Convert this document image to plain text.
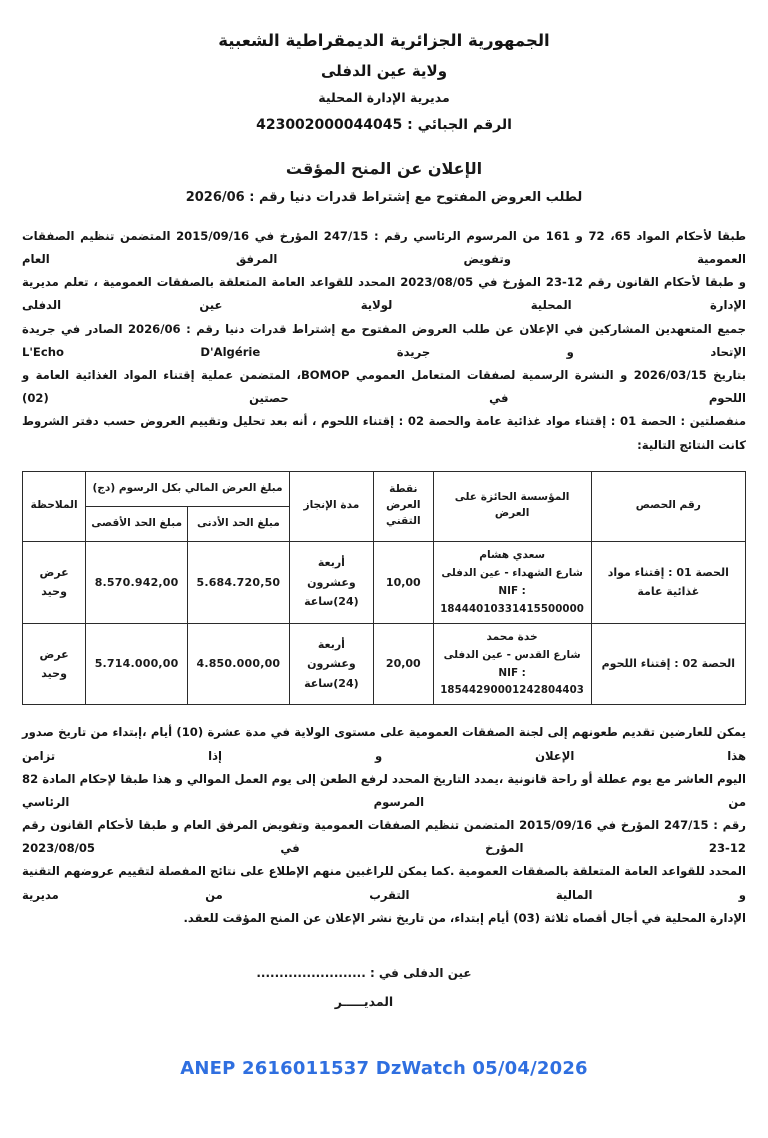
الجمهورية الجزائرية الديمقراطية الشعبية
ولاية عين الدفلى
مديرية الإدارة المحلية
الرقم الجبائي : 423002000044045
الإعلان عن المنح المؤقت
لطلب العروض المفتوح مع إشتراط قدرات دنيا رقم : 2026/06
طبقا لأحكام المواد 65، 72 و 161 من المرسوم الرئاسي رقم : 247/15 المؤرخ في 2015/09/16 المتضمن تنظيم الصفقات العمومية وتفويض المرفق العام
و طبقا لأحكام القانون رقم 12-23 المؤرخ في 2023/08/05 المحدد للقواعد العامة المتعلقة بالصفقات العمومية ، تعلم مديرية الإدارة المحلية لولاية عين الدفلى
جميع المتعهدين المشاركين في الإعلان عن طلب العروض المفتوح مع إشتراط قدرات دنيا رقم : 2026/06 الصادر في جريدة الإتحاد و جريدة L'Echo D'Algérie
بتاريخ 2026/03/15 و النشرة الرسمية لصفقات المتعامل العمومي BOMOP، المتضمن عملية إقتناء المواد الغذائية العامة و اللحوم في حصتين (02)
منفصلتين : الحصة 01 : إقتناء مواد غذائية عامة والحصة 02 : إقتناء اللحوم ، أنه بعد تحليل وتقييم العروض حسب دفتر الشروط كانت النتائج التالية:
رقم الحصص	المؤسسة الحائزة على العرض	نقطة العرض التقني	مدة الإنجاز	مبلغ العرض المالي بكل الرسوم (دج)		الملاحظة
				مبلغ الحد الأدنى	مبلغ الحد الأقصى	
الحصة 01 : إقتناء مواد غذائية عامة	سعدي هشام
شارع الشهداء - عين الدفلى
NIF :
18444010331415500000	10,00	أربعة وعشرون (24)ساعة	5.684.720,50	8.570.942,00	عرض وحيد
الحصة 02 : إقتناء اللحوم	خدة محمد
شارع القدس - عين الدفلى
NIF :
18544290001242804403	20,00	أربعة وعشرون (24)ساعة	4.850.000,00	5.714.000,00	عرض وحيد
يمكن للعارضين تقديم طعونهم إلى لجنة الصفقات العمومية على مستوى الولاية في مدة عشرة (10) أيام ،إبتداء من تاريخ صدور هذا الإعلان و إذا تزامن
اليوم العاشر مع يوم عطلة أو راحة قانونية ،يمدد التاريخ المحدد لرفع الطعن إلى يوم العمل الموالي و هذا طبقا لإحكام المادة 82 من المرسوم الرئاسي
رقم : 247/15 المؤرخ في 2015/09/16 المتضمن تنظيم الصفقات العمومية وتفويض المرفق العام و طبقا لأحكام القانون رقم 12-23 المؤرخ في 2023/08/05
المحدد للقواعد العامة المتعلقة بالصفقات العمومية .كما يمكن للراغبين منهم الإطلاع على نتائج المفصلة لتقييم عروضهم التقنية و المالية التقرب من مديرية
الإدارة المحلية في أجال أقصاه ثلاثة (03) أيام إبتداء، من تاريخ نشر الإعلان عن المنح المؤقت للعقد.
عين الدفلى في : ........................
المديـــــر
ANEP 2616011537 DzWatch 05/04/2026
